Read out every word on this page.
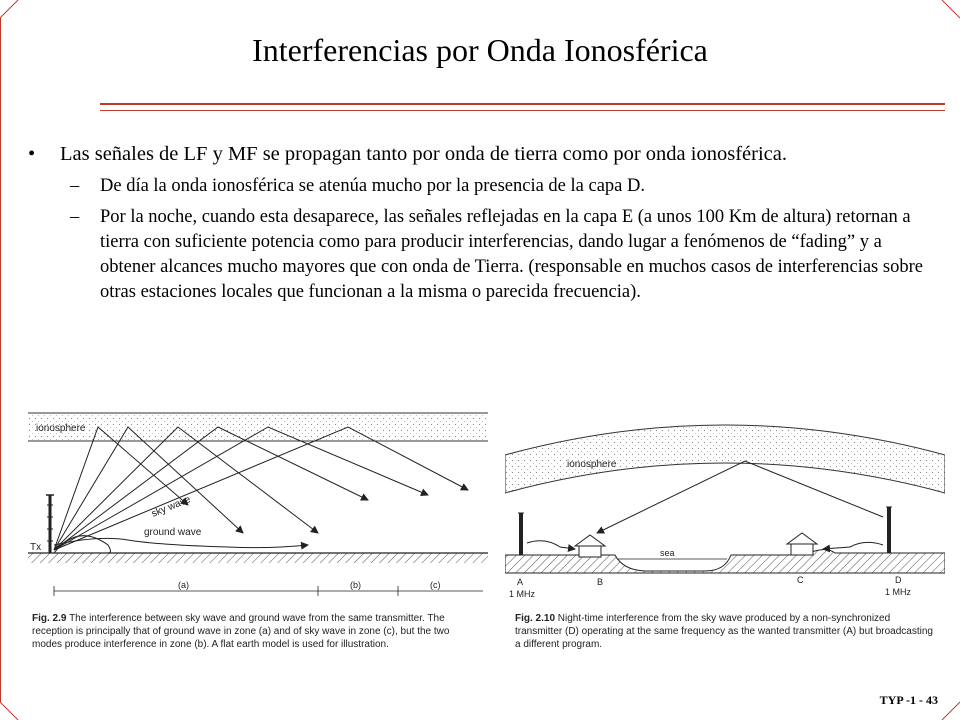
Interferencias por Onda Ionosférica
• Las señales de LF y MF se propagan tanto por onda de tierra como por onda ionosférica.
– De día la onda ionosférica se atenúa mucho por la presencia de la capa D.
– Por la noche, cuando esta desaparece, las señales reflejadas en la capa E (a unos 100 Km de altura) retornan a tierra con suficiente potencia como para producir interferencias, dando lugar a fenómenos de “fading” y a obtener alcances mucho mayores que con onda de Tierra. (responsable en muchos casos de interferencias sobre otras estaciones locales que funcionan a la misma o parecida frecuencia).
ionosphere
Tx
sky wave
ground wave
(a)	(b)	(c)
Fig. 2.9 The interference between sky wave and ground wave from the same transmitter. The reception is principally that of ground wave in zone (a) and of sky wave in zone (c), but the two modes produce interference in zone (b). A flat earth model is used for illustration.
ionosphere
sea
A
1 MHz
B	C	D
1 MHz
Fig. 2.10 Night-time interference from the sky wave produced by a non-synchronized transmitter (D) operating at the same frequency as the wanted transmitter (A) but broadcasting a different program.
TYP -1 - 43
